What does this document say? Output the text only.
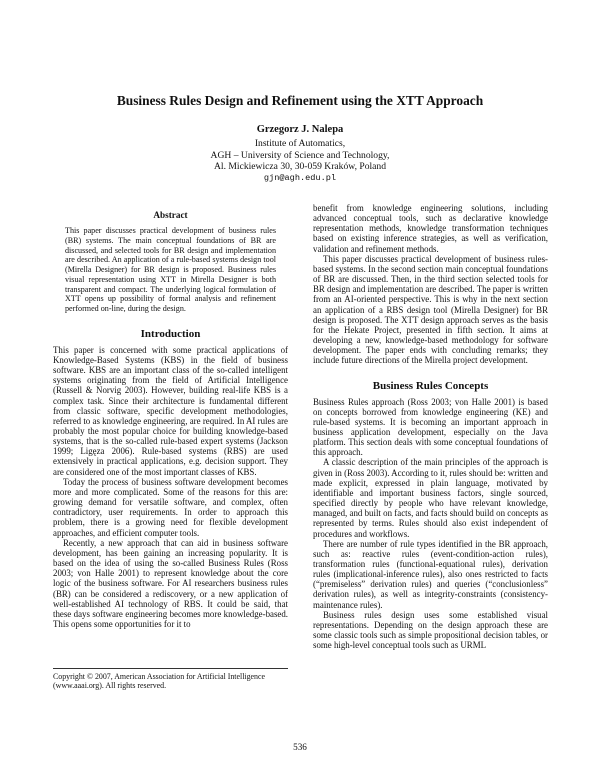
Business Rules Design and Refinement using the XTT Approach
Grzegorz J. Nalepa
Institute of Automatics,
AGH – University of Science and Technology,
Al. Mickiewicza 30, 30-059 Kraków, Poland
gjn@agh.edu.pl
Abstract

This paper discusses practical development of business rules (BR) systems. The main conceptual foundations of BR are discussed, and selected tools for BR design and implementation are described. An application of a rule-based systems design tool (Mirella Designer) for BR design is proposed. Business rules visual representation using XTT in Mirella Designer is both transparent and compact. The underlying logical formulation of XTT opens up possibility of formal analysis and refinement performed on-line, during the design.

Introduction

This paper is concerned with some practical applications of Knowledge-Based Systems (KBS) in the field of business software. KBS are an important class of the so-called intelligent systems originating from the field of Artificial Intelligence (Russell & Norvig 2003). However, building real-life KBS is a complex task. Since their architecture is fundamental different from classic software, specific development methodologies, referred to as knowledge engineering, are required. In AI rules are probably the most popular choice for building knowledge-based systems, that is the so-called rule-based expert systems (Jackson 1999; Ligęza 2006). Rule-based systems (RBS) are used extensively in practical applications, e.g. decision support. They are considered one of the most important classes of KBS.

Today the process of business software development becomes more and more complicated. Some of the reasons for this are: growing demand for versatile software, and complex, often contradictory, user requirements. In order to approach this problem, there is a growing need for flexible development approaches, and efficient computer tools.

Recently, a new approach that can aid in business software development, has been gaining an increasing popularity. It is based on the idea of using the so-called Business Rules (Ross 2003; von Halle 2001) to represent knowledge about the core logic of the business software. For AI researchers business rules (BR) can be considered a rediscovery, or a new application of well-established AI technology of RBS. It could be said, that these days software engineering becomes more knowledge-based. This opens some opportunities for it to

Copyright © 2007, American Association for Artificial Intelligence (www.aaai.org). All rights reserved.

benefit from knowledge engineering solutions, including advanced conceptual tools, such as declarative knowledge representation methods, knowledge transformation techniques based on existing inference strategies, as well as verification, validation and refinement methods.

This paper discusses practical development of business rules-based systems. In the second section main conceptual foundations of BR are discussed. Then, in the third section selected tools for BR design and implementation are described. The paper is written from an AI-oriented perspective. This is why in the next section an application of a RBS design tool (Mirella Designer) for BR design is proposed. The XTT design approach serves as the basis for the Hekate Project, presented in fifth section. It aims at developing a new, knowledge-based methodology for software development. The paper ends with concluding remarks; they include future directions of the Mirella project development.

Business Rules Concepts

Business Rules approach (Ross 2003; von Halle 2001) is based on concepts borrowed from knowledge engineering (KE) and rule-based systems. It is becoming an important approach in business application development, especially on the Java platform. This section deals with some conceptual foundations of this approach.

A classic description of the main principles of the approach is given in (Ross 2003). According to it, rules should be: written and made explicit, expressed in plain language, motivated by identifiable and important business factors, single sourced, specified directly by people who have relevant knowledge, managed, and built on facts, and facts should build on concepts as represented by terms. Rules should also exist independent of procedures and workflows.

There are number of rule types identified in the BR approach, such as: reactive rules (event-condition-action rules), transformation rules (functional-equational rules), derivation rules (implicational-inference rules), also ones restricted to facts (“premiseless” derivation rules) and queries (“conclusionless” derivation rules), as well as integrity-constraints (consistency-maintenance rules).

Business rules design uses some established visual representations. Depending on the design approach these are some classic tools such as simple propositional decision tables, or some high-level conceptual tools such as URML

536
